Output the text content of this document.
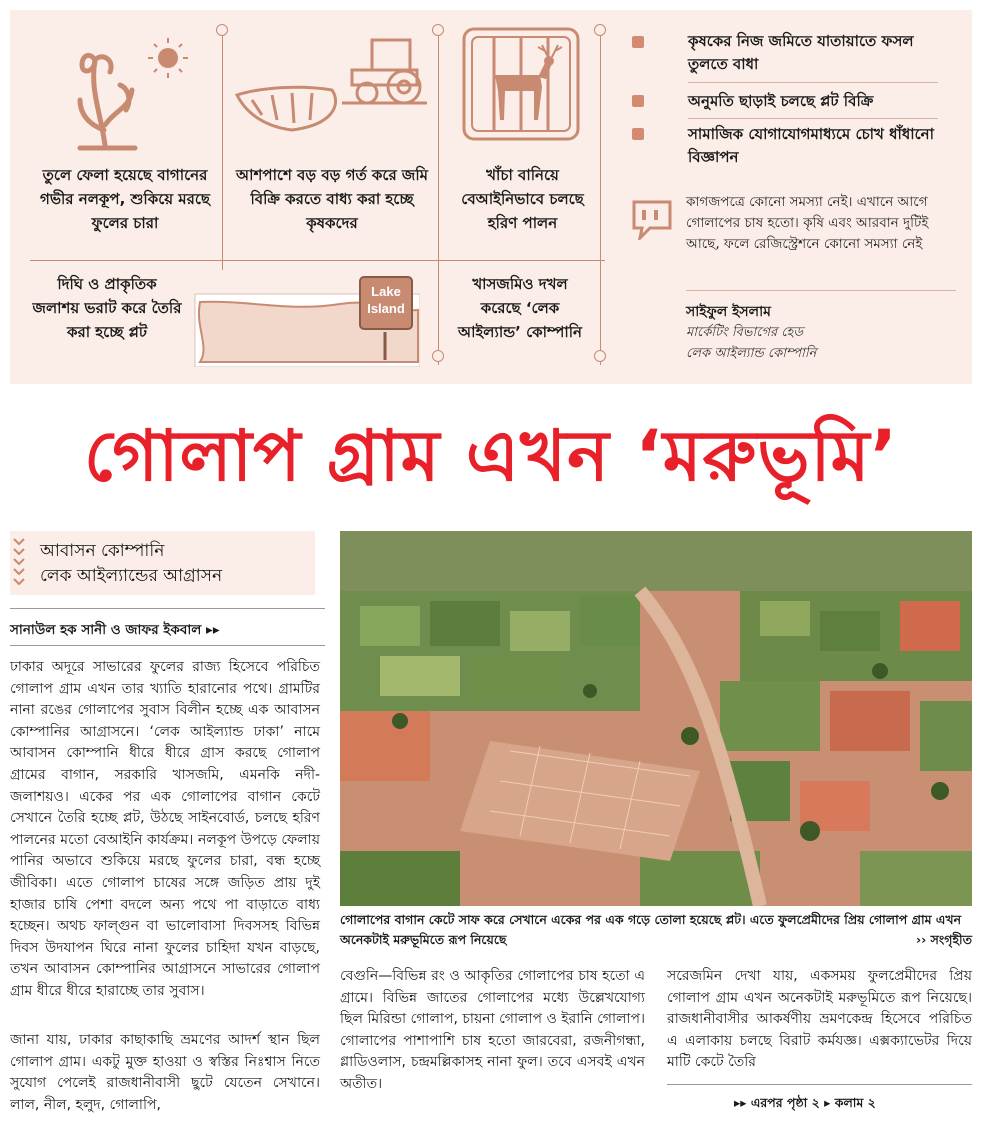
তুলে ফেলা হয়েছে বাগানের গভীর নলকূপ, শুকিয়ে মরছে ফুলের চারা
আশপাশে বড় বড় গর্ত করে জমি বিক্রি করতে বাধ্য করা হচ্ছে কৃষকদের
খাঁচা বানিয়ে বেআইনিভাবে চলছে হরিণ পালন
দিঘি ও প্রাকৃতিক জলাশয় ভরাট করে তৈরি করা হচ্ছে প্লট
Lake
Island
খাসজমিও দখল করেছে ‘লেক আইল্যান্ড’ কোম্পানি
কৃষকের নিজ জমিতে যাতায়াতে ফসল তুলতে বাধা
অনুমতি ছাড়াই চলছে প্লট বিক্রি
সামাজিক যোগাযোগমাধ্যমে চোখ ধাঁধানো বিজ্ঞাপন
কাগজপত্রে কোনো সমস্যা নেই। এখানে আগে গোলাপের চাষ হতো। কৃষি এবং আরবান দুটিই আছে, ফলে রেজিস্ট্রেশনে কোনো সমস্যা নেই
সাইফুল ইসলাম
মার্কেটিং বিভাগের হেড
লেক আইল্যান্ড কোম্পানি
গোলাপ গ্রাম এখন ‘মরুভূমি’
আবাসন কোম্পানি
লেক আইল্যান্ডের আগ্রাসন
সানাউল হক সানী ও জাফর ইকবাল ▸▸
ঢাকার অদূরে সাভারের ফুলের রাজ্য হিসেবে পরিচিত গোলাপ গ্রাম এখন তার খ্যাতি হারানোর পথে। গ্রামটির নানা রঙের গোলাপের সুবাস বিলীন হচ্ছে এক আবাসন কোম্পানির আগ্রাসনে। ‘লেক আইল্যান্ড ঢাকা’ নামে আবাসন কোম্পানি ধীরে ধীরে গ্রাস করছে গোলাপ গ্রামের বাগান, সরকারি খাসজমি, এমনকি নদী-জলাশয়ও। একের পর এক গোলাপের বাগান কেটে সেখানে তৈরি হচ্ছে প্লট, উঠছে সাইনবোর্ড, চলছে হরিণ পালনের মতো বেআইনি কার্যক্রম। নলকূপ উপড়ে ফেলায় পানির অভাবে শুকিয়ে মরছে ফুলের চারা, বন্ধ হচ্ছে জীবিকা। এতে গোলাপ চাষের সঙ্গে জড়িত প্রায় দুই হাজার চাষি পেশা বদলে অন্য পথে পা বাড়াতে বাধ্য হচ্ছেন। অথচ ফাল্গুন বা ভালোবাসা দিবসসহ বিভিন্ন দিবস উদযাপন ঘিরে নানা ফুলের চাহিদা যখন বাড়ছে, তখন আবাসন কোম্পানির আগ্রাসনে সাভারের গোলাপ গ্রাম ধীরে ধীরে হারাচ্ছে তার সুবাস।
জানা যায়, ঢাকার কাছাকাছি ভ্রমণের আদর্শ স্থান ছিল গোলাপ গ্রাম। একটু মুক্ত হাওয়া ও স্বস্তির নিঃশ্বাস নিতে সুযোগ পেলেই রাজধানীবাসী ছুটে যেতেন সেখানে। লাল, নীল, হলুদ, গোলাপি,
গোলাপের বাগান কেটে সাফ করে সেখানে একের পর এক গড়ে তোলা হয়েছে প্লট। এতে ফুলপ্রেমীদের প্রিয় গোলাপ গ্রাম এখন অনেকটাই মরুভূমিতে রূপ নিয়েছে	›› সংগৃহীত
বেগুনি—বিভিন্ন রং ও আকৃতির গোলাপের চাষ হতো এ গ্রামে। বিভিন্ন জাতের গোলাপের মধ্যে উল্লেখযোগ্য ছিল মিরিন্ডা গোলাপ, চায়না গোলাপ ও ইরানি গোলাপ। গোলাপের পাশাপাশি চাষ হতো জারবেরা, রজনীগন্ধা, গ্লাডিওলাস, চন্দ্রমল্লিকাসহ নানা ফুল। তবে এসবই এখন অতীত।
সরেজমিন দেখা যায়, একসময় ফুলপ্রেমীদের প্রিয় গোলাপ গ্রাম এখন অনেকটাই মরুভূমিতে রূপ নিয়েছে। রাজধানীবাসীর আকর্ষণীয় ভ্রমণকেন্দ্র হিসেবে পরিচিত এ এলাকায় চলছে বিরাট কর্মযজ্ঞ। এক্সক্যাভেটর দিয়ে মাটি কেটে তৈরি
▸▸ এরপর পৃষ্ঠা ২ ▸ কলাম ২
